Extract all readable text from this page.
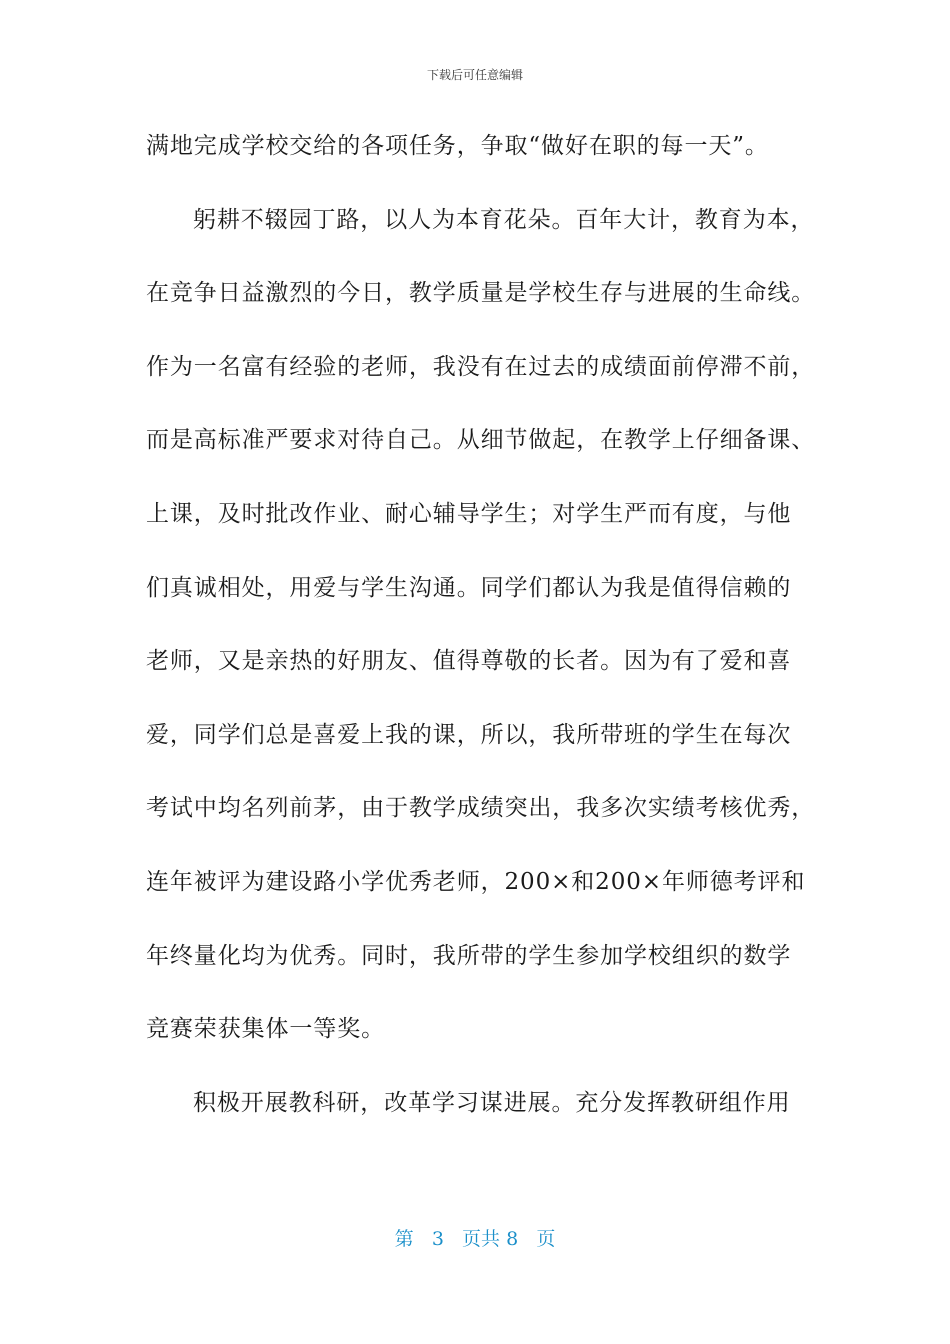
下载后可任意编辑
满地完成学校交给的各项任务，争取“做好在职的每一天”。
躬耕不辍园丁路，以人为本育花朵。百年大计，教育为本，
在竞争日益激烈的今日，教学质量是学校生存与进展的生命线。
作为一名富有经验的老师，我没有在过去的成绩面前停滞不前，
而是高标准严要求对待自己。从细节做起，在教学上仔细备课、
上课，及时批改作业、耐心辅导学生；对学生严而有度，与他
们真诚相处，用爱与学生沟通。同学们都认为我是值得信赖的
老师，又是亲热的好朋友、值得尊敬的长者。因为有了爱和喜
爱，同学们总是喜爱上我的课，所以，我所带班的学生在每次
考试中均名列前茅，由于教学成绩突出，我多次实绩考核优秀，
连年被评为建设路小学优秀老师，200×和200×年师德考评和
年终量化均为优秀。同时，我所带的学生参加学校组织的数学
竞赛荣获集体一等奖。
积极开展教科研，改革学习谋进展。充分发挥教研组作用
第 3 页共 8 页
